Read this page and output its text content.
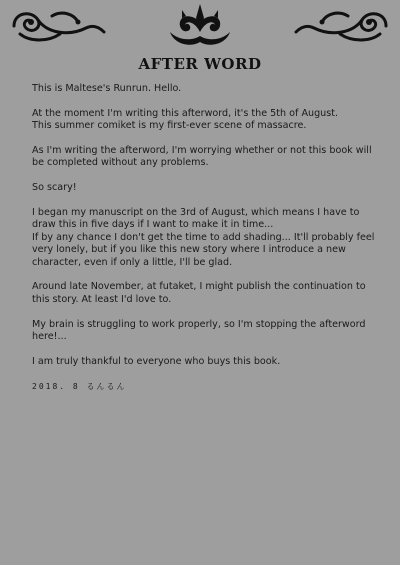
AFTER WORD

This is Maltese's Runrun. Hello.

At the moment I'm writing this afterword, it's the 5th of August.
This summer comiket is my first-ever scene of massacre.

As I'm writing the afterword, I'm worrying whether or not this book will be completed without any problems.

So scary!

I began my manuscript on the 3rd of August, which means I have to draw this in five days if I want to make it in time...
If by any chance I don't get the time to add shading... It'll probably feel very lonely, but if you like this new story where I introduce a new character, even if only a little, I'll be glad.

Around late November, at futaket, I might publish the continuation to this story. At least I'd love to.

My brain is struggling to work properly, so I'm stopping the afterword here!...

I am truly thankful to everyone who buys this book.

2018. 8 るんるん
